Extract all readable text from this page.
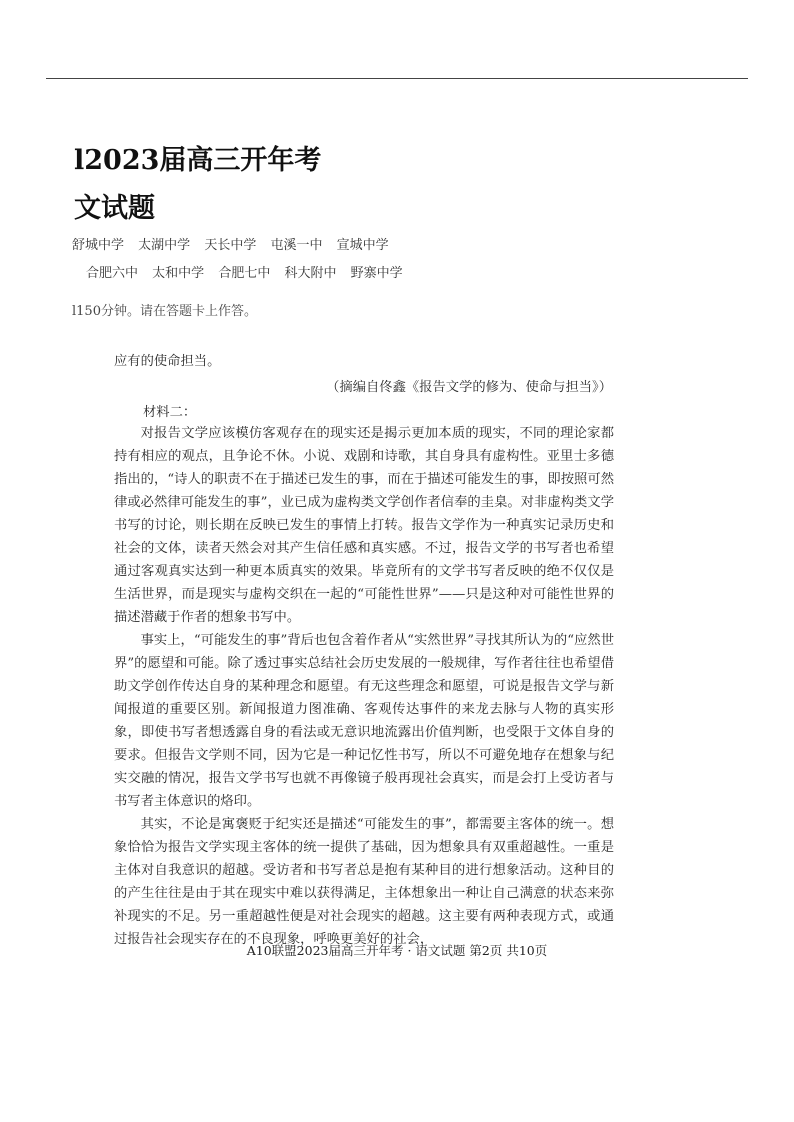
l2023届高三开年考
文试题
舒城中学 太湖中学 天长中学 屯溪一中 宣城中学
合肥六中 太和中学 合肥七中 科大附中 野寨中学
l150分钟。请在答题卡上作答。

应有的使命担当。

（摘编自佟鑫《报告文学的修为、使命与担当》）
材料二：

对报告文学应该模仿客观存在的现实还是揭示更加本质的现实，不同的理论家都持有相应的观点，且争论不休。小说、戏剧和诗歌，其自身具有虚构性。亚里士多德指出的，“诗人的职责不在于描述已发生的事，而在于描述可能发生的事，即按照可然律或必然律可能发生的事”，业已成为虚构类文学创作者信奉的圭臬。对非虚构类文学书写的讨论，则长期在反映已发生的事情上打转。报告文学作为一种真实记录历史和社会的文体，读者天然会对其产生信任感和真实感。不过，报告文学的书写者也希望通过客观真实达到一种更本质真实的效果。毕竟所有的文学书写者反映的绝不仅仅是生活世界，而是现实与虚构交织在一起的“可能性世界”——只是这种对可能性世界的描述潜藏于作者的想象书写中。

事实上，“可能发生的事”背后也包含着作者从“实然世界”寻找其所认为的“应然世界”的愿望和可能。除了透过事实总结社会历史发展的一般规律，写作者往往也希望借助文学创作传达自身的某种理念和愿望。有无这些理念和愿望，可说是报告文学与新闻报道的重要区别。新闻报道力图准确、客观传达事件的来龙去脉与人物的真实形象，即使书写者想透露自身的看法或无意识地流露出价值判断，也受限于文体自身的要求。但报告文学则不同，因为它是一种记忆性书写，所以不可避免地存在想象与纪实交融的情况，报告文学书写也就不再像镜子般再现社会真实，而是会打上受访者与书写者主体意识的烙印。

其实，不论是寓褒贬于纪实还是描述“可能发生的事”，都需要主客体的统一。想象恰恰为报告文学实现主客体的统一提供了基础，因为想象具有双重超越性。一重是主体对自我意识的超越。受访者和书写者总是抱有某种目的进行想象活动。这种目的的产生往往是由于其在现实中难以获得满足，主体想象出一种让自己满意的状态来弥补现实的不足。另一重超越性便是对社会现实的超越。这主要有两种表现方式，或通过报告社会现实存在的不良现象，呼唤更美好的社会，

A10联盟2023届高三开年考 · 语文试题 第2页 共10页
